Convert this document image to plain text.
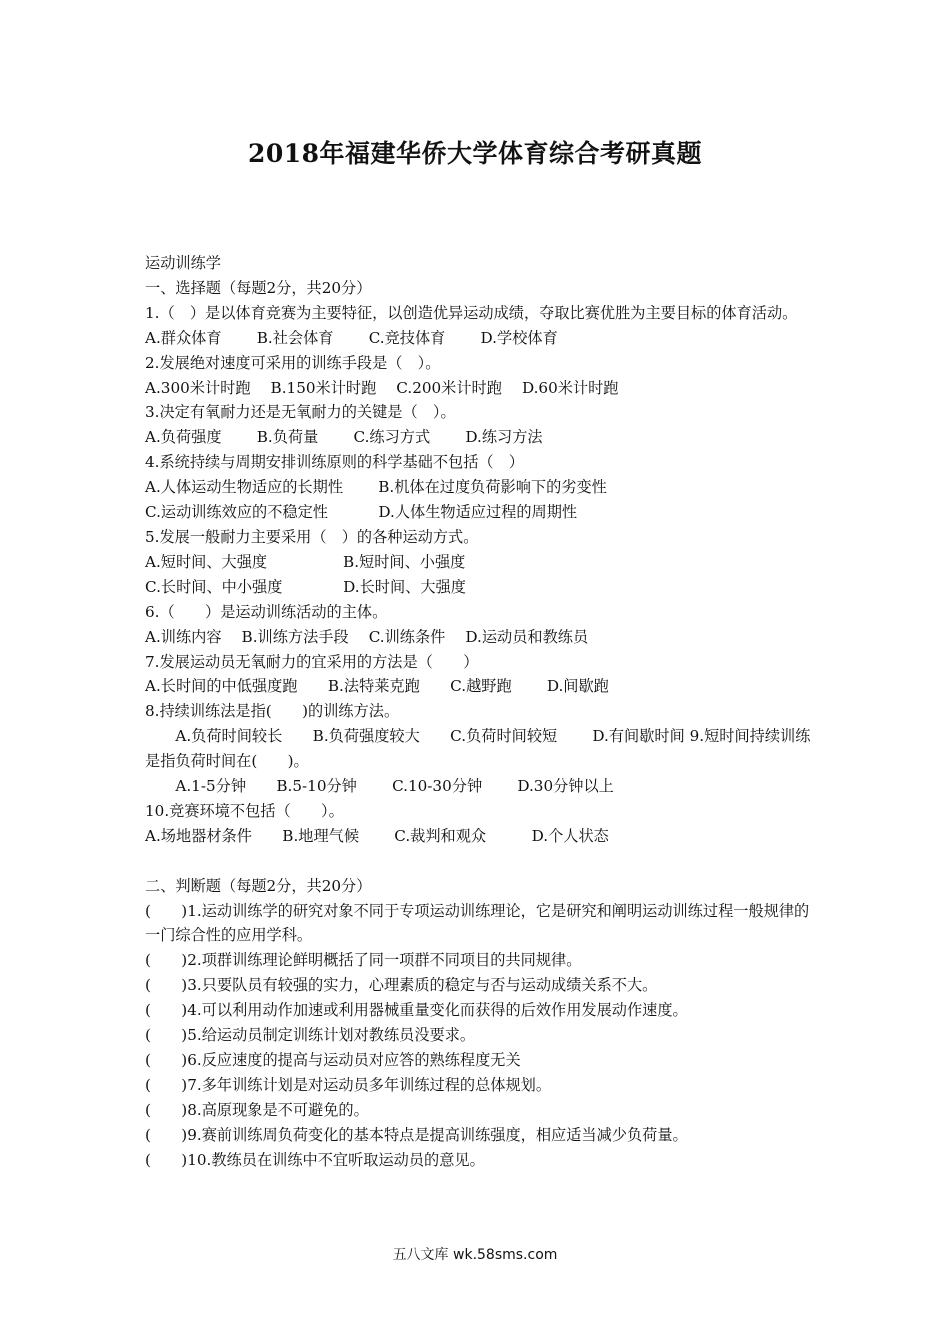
2018年福建华侨大学体育综合考研真题
运动训练学
一、选择题（每题2分，共20分）
1.（　）是以体育竞赛为主要特征，以创造优异运动成绩，夺取比赛优胜为主要目标的体育活动。
A.群众体育　　 B.社会体育　　 C.竞技体育　　 D.学校体育
2.发展绝对速度可采用的训练手段是（　）。
A.300米计时跑　 B.150米计时跑　 C.200米计时跑　 D.60米计时跑
3.决定有氧耐力还是无氧耐力的关键是（　）。
A.负荷强度　　 B.负荷量　　 C.练习方式　　 D.练习方法
4.系统持续与周期安排训练原则的科学基础不包括（　）
A.人体运动生物适应的长期性　　 B.机体在过度负荷影响下的劣变性
C.运动训练效应的不稳定性　　　 D.人体生物适应过程的周期性
5.发展一般耐力主要采用（　）的各种运动方式。
A.短时间、大强度　　　　　B.短时间、小强度
C.长时间、中小强度　　　　D.长时间、大强度
6.（　　）是运动训练活动的主体。
A.训练内容　 B.训练方法手段　 C.训练条件　 D.运动员和教练员
7.发展运动员无氧耐力的宜采用的方法是（　　）
A.长时间的中低强度跑　　B.法特莱克跑　　C.越野跑　　 D.间歇跑
8.持续训练法是指(　　)的训练方法。
　　A.负荷时间较长　　B.负荷强度较大　　C.负荷时间较短　　 D.有间歇时间 9.短时间持续训练是指负荷时间在(　　)。
　　A.1-5分钟　　B.5-10分钟　　 C.10-30分钟　　 D.30分钟以上
10.竞赛环境不包括（　　）。
A.场地器材条件　　B.地理气候　　 C.裁判和观众　　　D.个人状态
二、判断题（每题2分，共20分）
(　　)1.运动训练学的研究对象不同于专项运动训练理论，它是研究和阐明运动训练过程一般规律的一门综合性的应用学科。
(　　)2.项群训练理论鲜明概括了同一项群不同项目的共同规律。
(　　)3.只要队员有较强的实力，心理素质的稳定与否与运动成绩关系不大。
(　　)4.可以利用动作加速或利用器械重量变化而获得的后效作用发展动作速度。
(　　)5.给运动员制定训练计划对教练员没要求。
(　　)6.反应速度的提高与运动员对应答的熟练程度无关
(　　)7.多年训练计划是对运动员多年训练过程的总体规划。
(　　)8.高原现象是不可避免的。
(　　)9.赛前训练周负荷变化的基本特点是提高训练强度，相应适当减少负荷量。
(　　)10.教练员在训练中不宜听取运动员的意见。
五八文库 wk.58sms.com
